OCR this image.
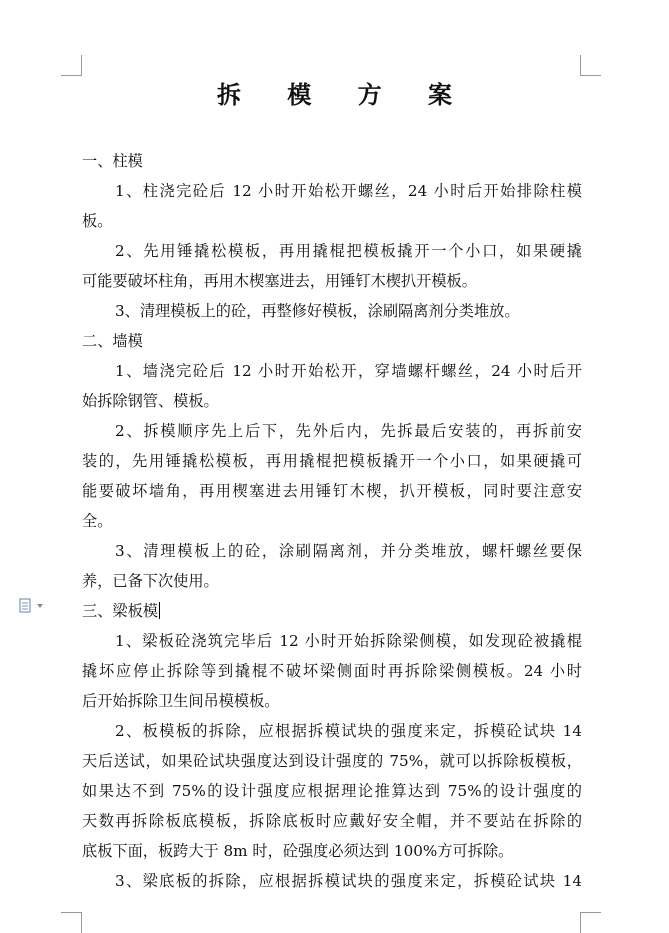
拆 模 方 案
一、柱模
1、柱浇完砼后 12 小时开始松开螺丝，24 小时后开始排除柱模
板。
2、先用锤撬松模板，再用撬棍把模板撬开一个小口，如果硬撬
可能要破坏柱角，再用木楔塞进去，用锤钉木楔扒开模板。
3、清理模板上的砼，再整修好模板，涂刷隔离剂分类堆放。
二、墙模
1、墙浇完砼后 12 小时开始松开，穿墙螺杆螺丝，24 小时后开
始拆除钢管、模板。
2、拆模顺序先上后下，先外后内，先拆最后安装的，再拆前安
装的，先用锤撬松模板，再用撬棍把模板撬开一个小口，如果硬撬可
能要破坏墙角，再用楔塞进去用锤钉木楔，扒开模板，同时要注意安
全。
3、清理模板上的砼，涂刷隔离剂，并分类堆放，螺杆螺丝要保
养，已备下次使用。
三、梁板模
1、梁板砼浇筑完毕后 12 小时开始拆除梁侧模，如发现砼被撬棍
撬坏应停止拆除等到撬棍不破坏梁侧面时再拆除梁侧模板。24 小时
后开始拆除卫生间吊模模板。
2、板模板的拆除，应根据拆模试块的强度来定，拆模砼试块 14
天后送试，如果砼试块强度达到设计强度的 75%，就可以拆除板模板，
如果达不到 75%的设计强度应根据理论推算达到 75%的设计强度的
天数再拆除板底模板，拆除底板时应戴好安全帽，并不要站在拆除的
底板下面，板跨大于 8m 时，砼强度必须达到 100%方可拆除。
3、梁底板的拆除，应根据拆模试块的强度来定，拆模砼试块 14
